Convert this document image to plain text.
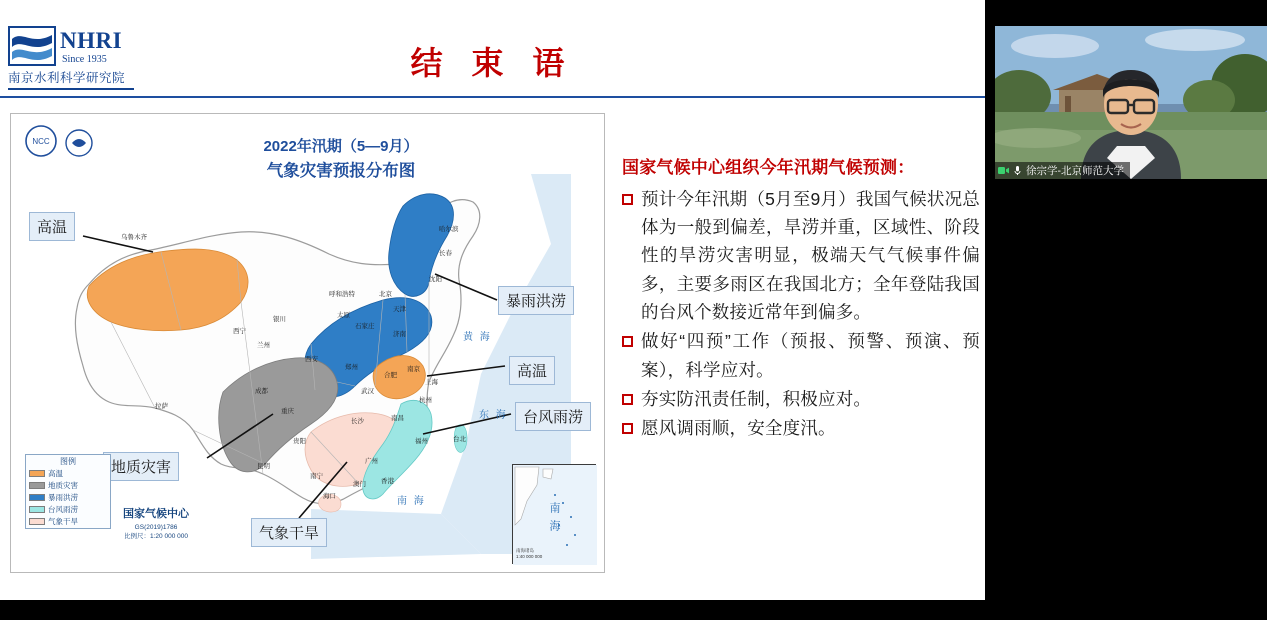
NHRI
Since 1935
南京水利科学研究院	结 束 语
NCC	2022年汛期（5—9月）
气象灾害预报分布图
高温
暴雨洪涝
高温
台风雨涝
地质灾害
气象干旱
黄 海
东 海
南 海
乌鲁木齐
哈尔滨
长春
沈阳
呼和浩特	北京
天津
石家庄
太原
银川
西宁
兰州
济南
郑州
西安
合肥
南京
上海
武汉
杭州
成都
重庆
长沙	南昌
拉萨
贵阳	福州
昆明
台北
广州
南宁
香港
澳门
海口
图例
高温
地质灾害
暴雨洪涝
台风雨涝
气象干旱
国家气候中心
GS(2019)1786
比例尺：1:20 000 000
南 海
南海诸岛
1:40 000 000
国家气候中心组织今年汛期气候预测：
预计今年汛期（5月至9月）我国气候状况总体为一般到偏差，旱涝并重，区域性、阶段性的旱涝灾害明显，极端天气气候事件偏多，主要多雨区在我国北方；全年登陆我国的台风个数接近常年到偏多。
做好“四预”工作（预报、预警、预演、预案），科学应对。
夯实防汛责任制，积极应对。
愿风调雨顺，安全度汛。
徐宗学-北京师范大学
